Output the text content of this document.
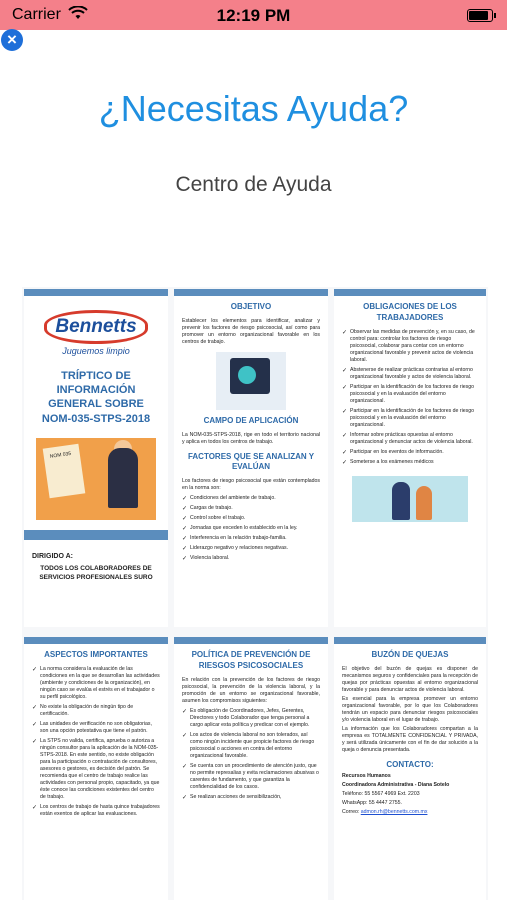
Carrier	12:19 PM
×
¿Necesitas Ayuda?
Centro de Ayuda
Bennetts
Juguemos limpio
TRÍPTICO DE INFORMACIÓN GENERAL SOBRE NOM-035-STPS-2018
NOM 035
DIRIGIDO A:
TODOS LOS COLABORADORES DE SERVICIOS PROFESIONALES SURO
OBJETIVO
Establecer los elementos para identificar, analizar y prevenir los factores de riesgo psicosocial, así como para promover un entorno organizacional favorable en los centros de trabajo.
CAMPO DE APLICACIÓN
La NOM-035-STPS-2018, rige en todo el territorio nacional y aplica en todos los centros de trabajo.
FACTORES QUE SE ANALIZAN Y EVALÚAN
Los factores de riesgo psicosocial que están contemplados en la norma son:
✓ Condiciones del ambiente de trabajo.
✓ Cargas de trabajo.
✓ Control sobre el trabajo.
✓ Jornadas que exceden lo establecido en la ley.
✓ Interferencia en la relación trabajo-familia.
✓ Liderazgo negativo y relaciones negativas.
✓ Violencia laboral.
OBLIGACIONES DE LOS TRABAJADORES
✓ Observar las medidas de prevención y, en su caso, de control para: controlar los factores de riesgo psicosocial, colaborar para contar con un entorno organizacional favorable y prevenir actos de violencia laboral.
✓ Abstenerse de realizar prácticas contrarias al entorno organizacional favorable y actos de violencia laboral.
✓ Participar en la identificación de los factores de riesgo psicosocial y en la evaluación del entorno organizacional.
✓ Participar en la identificación de los factores de riesgo psicosocial y en la evaluación del entorno organizacional.
✓ Informar sobre prácticas opuestas al entorno organizacional y denunciar actos de violencia laboral.
✓ Participar en los eventos de información.
✓ Someterse a los exámenes médicos
ASPECTOS IMPORTANTES
✓ La norma considera la evaluación de las condiciones en la que se desarrollan las actividades (ambiente y condiciones de la organización), en ningún caso se evalúa el estrés en el trabajador o su perfil psicológico.
✓ No existe la obligación de ningún tipo de certificación.
✓ Las unidades de verificación no son obligatorias, son una opción potestativa que tiene el patrón.
✓ La STPS no valida, certifica, aprueba o autoriza a ningún consultor para la aplicación de la NOM-035-STPS-2018. En este sentido, no existe obligación para la participación o contratación de consultores, asesores o gestores, es decisión del patrón. Se recomienda que el centro de trabajo realice las actividades con personal propio, capacitado, ya que éste conoce las condiciones existentes del centro de trabajo.
✓ Los centros de trabajo de hasta quince trabajadores están exentos de aplicar las evaluaciones.
POLÍTICA DE PREVENCIÓN DE RIESGOS PSICOSOCIALES
En relación con la prevención de los factores de riesgo psicosocial, la prevención de la violencia laboral, y la promoción de un entorno se organizacional favorable, asumen los compromisos siguientes:
✓ Es obligación de Coordinadores, Jefes, Gerentes, Directores y todo Colaborador que tenga personal a cargo aplicar esta política y predicar con el ejemplo.
✓ Los actos de violencia laboral no son tolerados, así como ningún incidente que propicie factores de riesgo psicosocial o acciones en contra del entorno organizacional favorable.
✓ Se cuenta con un procedimiento de atención justo, que no permite represalias y evita reclamaciones abusivas o carentes de fundamento, y que garantiza la confidencialidad de los casos.
✓ Se realizan acciones de sensibilización,
BUZÓN DE QUEJAS
El objetivo del buzón de quejas es disponer de mecanismos seguros y confidenciales para la recepción de quejas por prácticas opuestas al entorno organizacional favorable y para denunciar actos de violencia laboral.
Es esencial para la empresa promover un entorno organizacional favorable, por lo que los Colaboradores tendrán un espacio para denunciar riesgos psicosociales y/o violencia laboral en el lugar de trabajo.
La información que los Colaboradores compartan a la empresa es TOTALMENTE CONFIDENCIAL Y PRIVADA, y será utilizada únicamente con el fin de dar solución a la queja o denuncia presentada.
CONTACTO:
Recursos Humanos
Coordinadora Administrativa - Diana Sotelo
Teléfono: 55 5567 4969 Ext. 2203
WhatsApp: 55 4447 2755.
Correo: admon.rh@bennetts.com.mx
